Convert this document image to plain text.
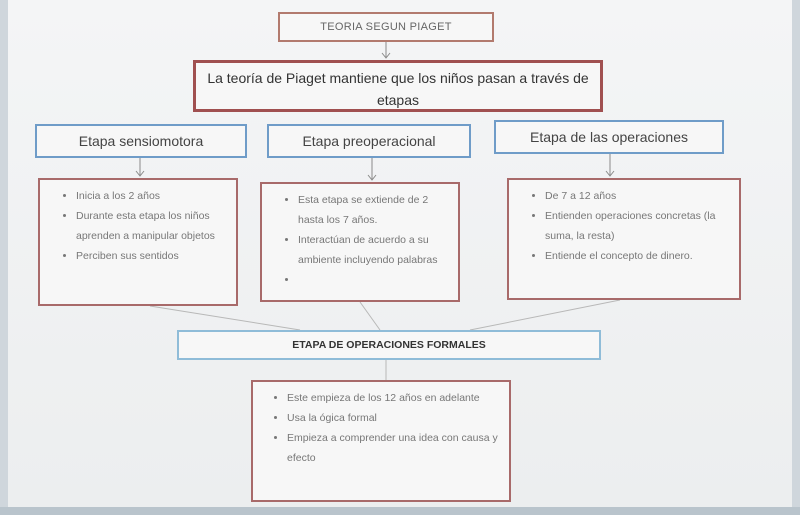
TEORIA SEGUN PIAGET
La teoría de Piaget mantiene que los niños pasan a través de etapas
Etapa sensiomotora	Etapa preoperacional	Etapa de las operaciones
• Inicia a los 2 años
• Durante esta etapa los niños aprenden a manipular objetos
• Perciben sus sentidos
• Esta etapa se extiende de 2 hasta los 7 años.
• Interactúan de acuerdo a su ambiente incluyendo palabras
•
• De 7 a 12 años
• Entienden operaciones concretas (la suma, la resta)
• Entiende el concepto de dinero.
ETAPA DE OPERACIONES FORMALES
• Este empieza de los 12 años en adelante
• Usa la ógica formal
• Empieza a comprender una idea con causa y efecto
